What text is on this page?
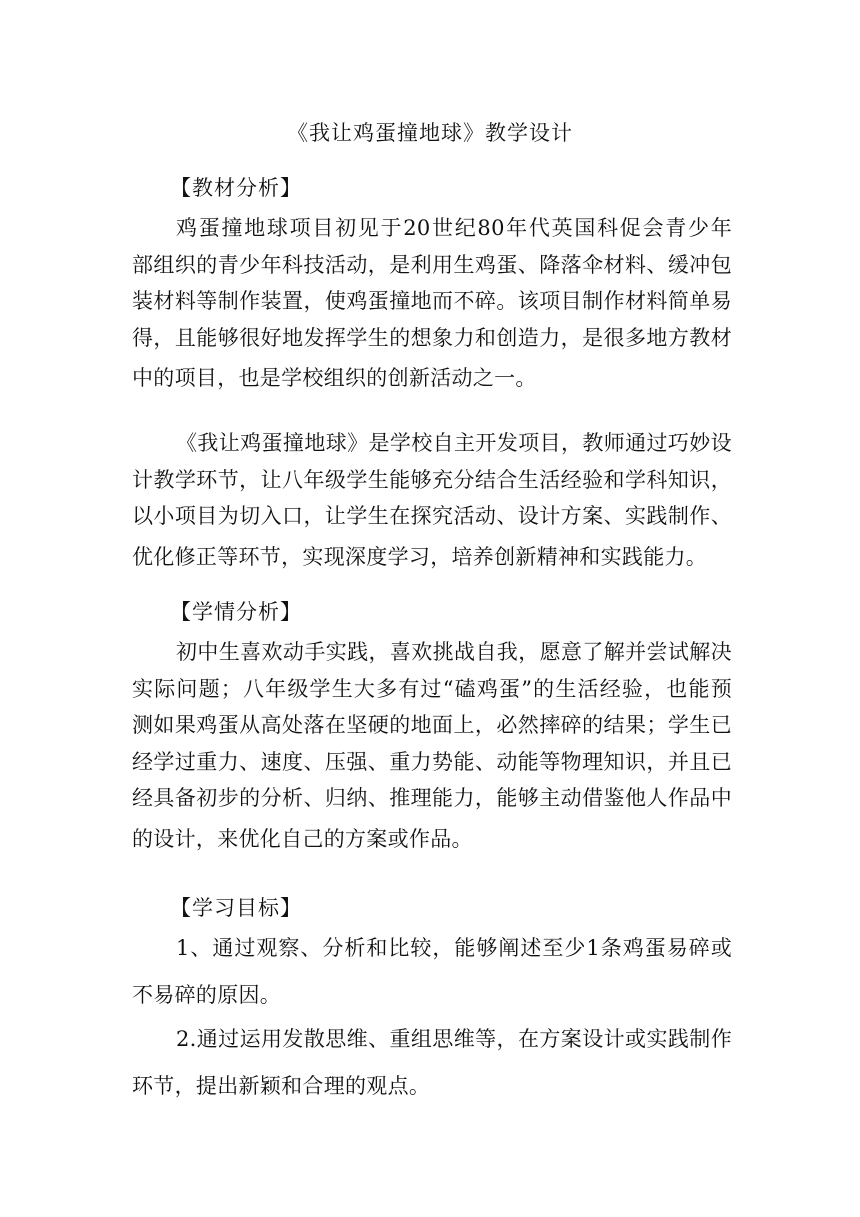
《我让鸡蛋撞地球》教学设计
【教材分析】
鸡蛋撞地球项目初见于20世纪80年代英国科促会青少年
部组织的青少年科技活动，是利用生鸡蛋、降落伞材料、缓冲包
装材料等制作装置，使鸡蛋撞地而不碎。该项目制作材料简单易
得，且能够很好地发挥学生的想象力和创造力，是很多地方教材
中的项目，也是学校组织的创新活动之一。
《我让鸡蛋撞地球》是学校自主开发项目，教师通过巧妙设
计教学环节，让八年级学生能够充分结合生活经验和学科知识，
以小项目为切入口，让学生在探究活动、设计方案、实践制作、
优化修正等环节，实现深度学习，培养创新精神和实践能力。
【学情分析】
初中生喜欢动手实践，喜欢挑战自我，愿意了解并尝试解决
实际问题；八年级学生大多有过“磕鸡蛋”的生活经验，也能预
测如果鸡蛋从高处落在坚硬的地面上，必然摔碎的结果；学生已
经学过重力、速度、压强、重力势能、动能等物理知识，并且已
经具备初步的分析、归纳、推理能力，能够主动借鉴他人作品中
的设计，来优化自己的方案或作品。
【学习目标】
1、通过观察、分析和比较，能够阐述至少1条鸡蛋易碎或
不易碎的原因。
2.通过运用发散思维、重组思维等，在方案设计或实践制作
环节，提出新颖和合理的观点。
